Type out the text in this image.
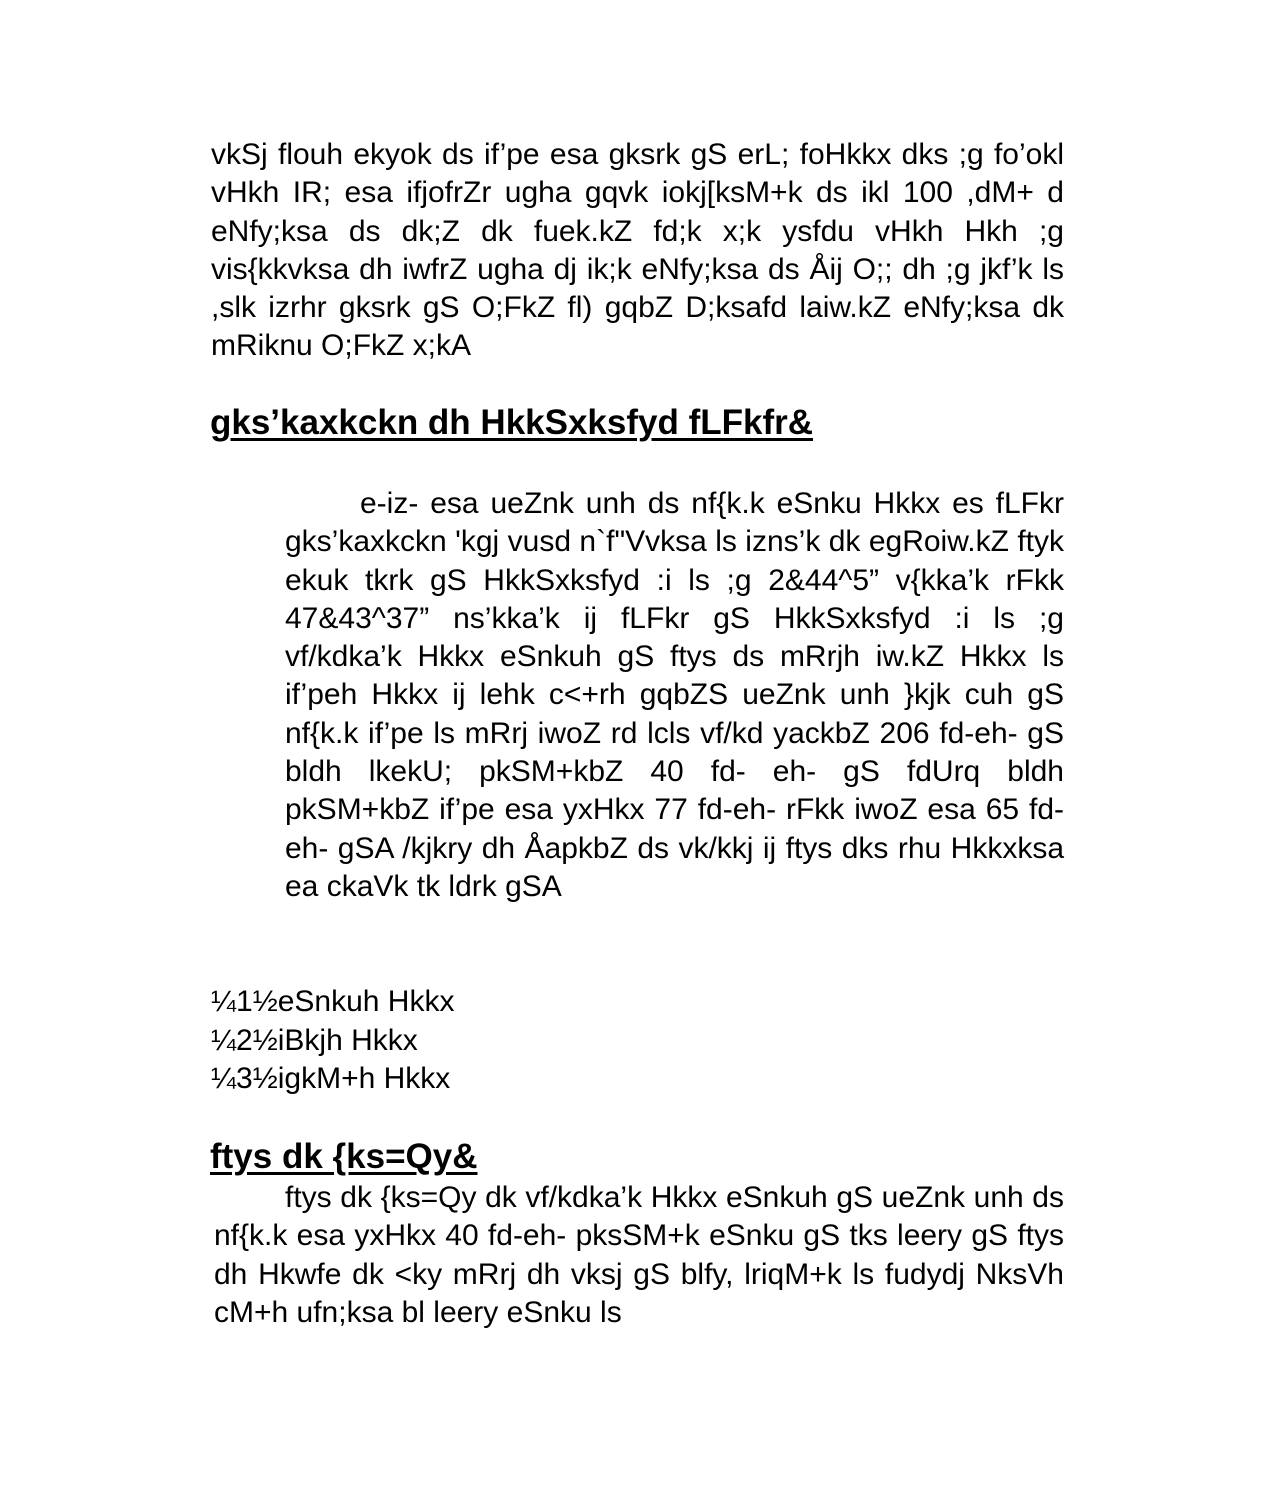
vkSj flouh ekyok ds if’pe esa gksrk gS erL; foHkkx dks ;g fo’okl vHkh IR; esa ifjofrZr ugha gqvk iokj[ksM+k ds ikl 100 ,dM+ d eNfy;ksa ds dk;Z dk fuek.kZ fd;k x;k ysfdu vHkh Hkh ;g vis{kkvksa dh iwfrZ ugha dj ik;k eNfy;ksa ds Åij O;; dh ;g jkf’k ls ,slk izrhr gksrk gS O;FkZ fl) gqbZ D;ksafd laiw.kZ eNfy;ksa dk mRiknu O;FkZ x;kA

gks’kaxkckn dh HkkSxksfyd fLFkfr&

e-iz- esa ueZnk unh ds nf{k.k eSnku Hkkx es fLFkr gks’kaxkckn 'kgj vusd n`f"Vvksa ls izns’k dk egRoiw.kZ ftyk ekuk tkrk gS HkkSxksfyd :i ls ;g 2&44^5” v{kka’k rFkk 47&43^37” ns’kka’k ij fLFkr gS HkkSxksfyd :i ls ;g vf/kdka’k Hkkx eSnkuh gS ftys ds mRrjh iw.kZ Hkkx ls if’peh Hkkx ij lehk c<+rh gqbZS ueZnk unh }kjk cuh gS nf{k.k if’pe ls mRrj iwoZ rd lcls vf/kd yackbZ 206 fd-eh- gS bldh lkekU; pkSM+kbZ 40 fd- eh- gS fdUrq bldh pkSM+kbZ if’pe esa yxHkx 77 fd-eh- rFkk iwoZ esa 65 fd-eh- gSA /kjkry dh ÅapkbZ ds vk/kkj ij ftys dks rhu Hkkxksa ea ckaVk tk ldrk gSA

¼1½eSnkuh Hkkx
¼2½iBkjh Hkkx
¼3½igkM+h Hkkx
ftys dk {ks=Qy&

ftys dk {ks=Qy dk vf/kdka’k Hkkx eSnkuh gS ueZnk unh ds nf{k.k esa yxHkx 40 fd-eh- pksSM+k eSnku gS tks leery gS ftys dh Hkwfe dk <ky mRrj dh vksj gS blfy, lriqM+k ls fudydj NksVh cM+h ufn;ksa bl leery eSnku ls
